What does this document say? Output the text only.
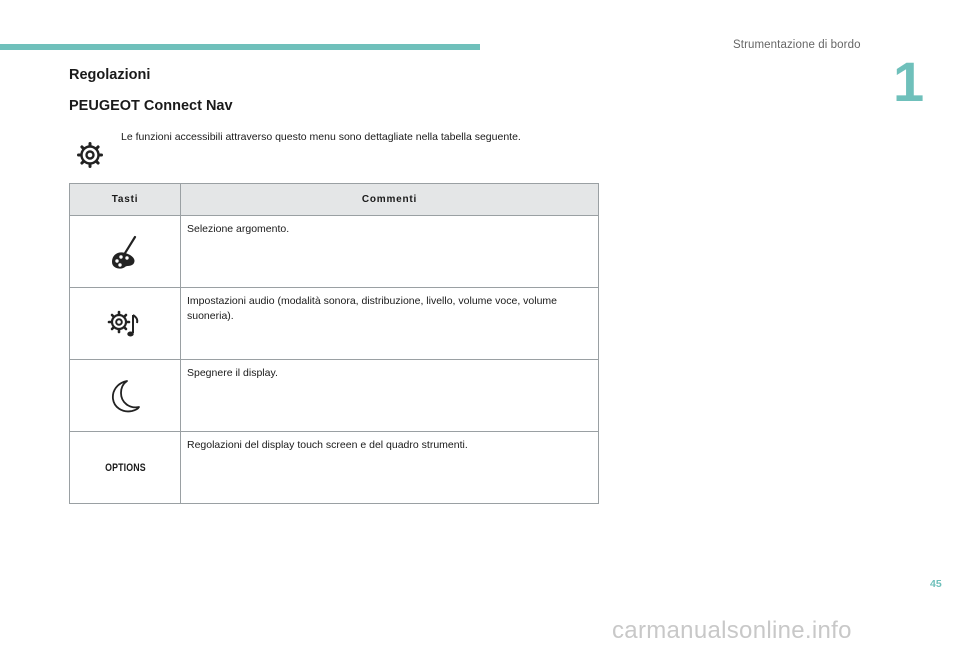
Strumentazione di bordo
1
Regolazioni
PEUGEOT Connect Nav
Le funzioni accessibili attraverso questo menu sono dettagliate nella tabella seguente.
Tasti	Commenti
	Selezione argomento.
	Impostazioni audio (modalità sonora, distribuzione, livello, volume voce, volume suoneria).
	Spegnere il display.
OPTIONS	Regolazioni del display touch screen e del quadro strumenti.
45
carmanualsonline.info
